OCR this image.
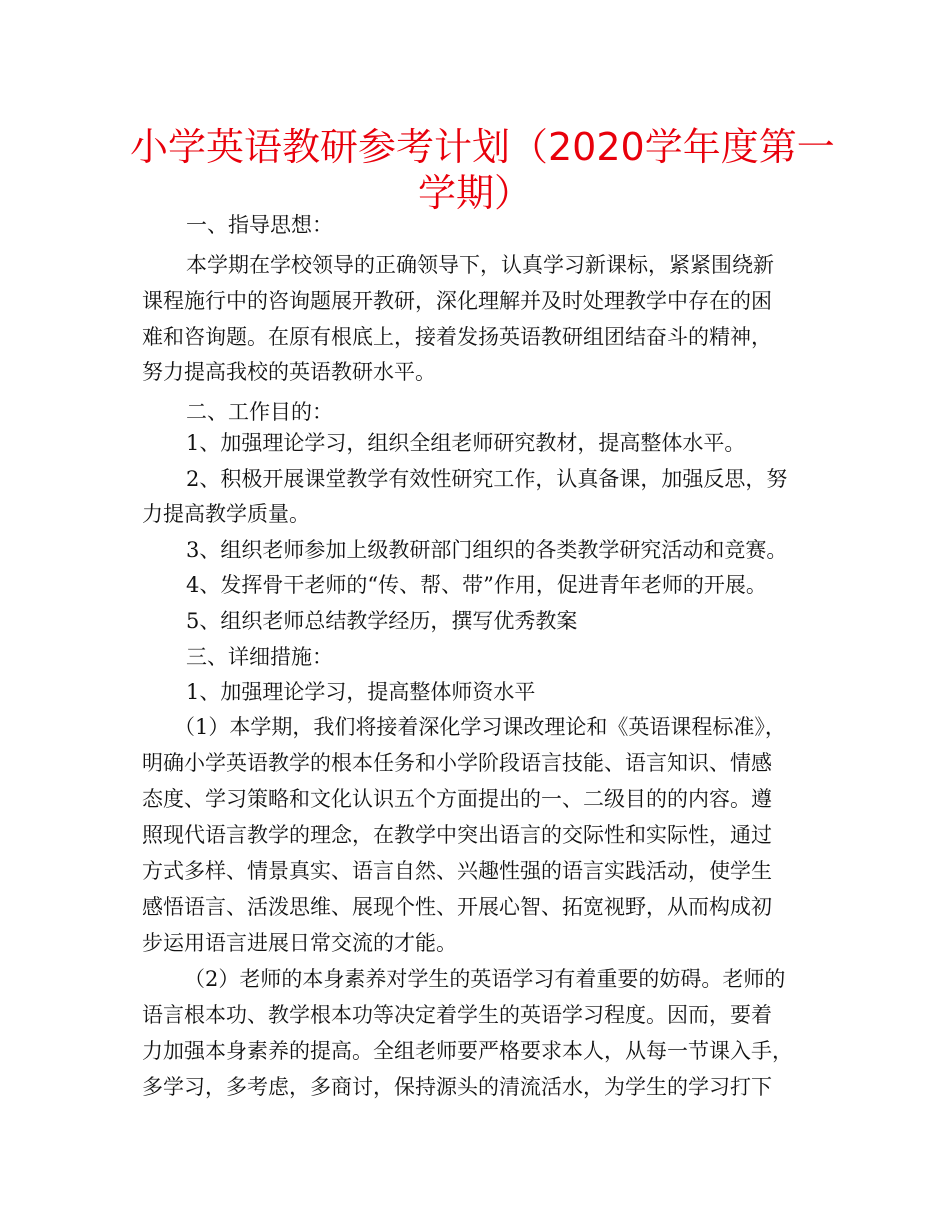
小学英语教研参考计划（2020学年度第一
学期）
一、指导思想：
本学期在学校领导的正确领导下，认真学习新课标，紧紧围绕新
课程施行中的咨询题展开教研，深化理解并及时处理教学中存在的困
难和咨询题。在原有根底上，接着发扬英语教研组团结奋斗的精神，
努力提高我校的英语教研水平。
二、工作目的：
1、加强理论学习，组织全组老师研究教材，提高整体水平。
2、积极开展课堂教学有效性研究工作，认真备课，加强反思，努
力提高教学质量。
3、组织老师参加上级教研部门组织的各类教学研究活动和竞赛。
4、发挥骨干老师的“传、帮、带”作用，促进青年老师的开展。
5、组织老师总结教学经历，撰写优秀教案
三、详细措施：
1、加强理论学习，提高整体师资水平
（1）本学期，我们将接着深化学习课改理论和《英语课程标准》，
明确小学英语教学的根本任务和小学阶段语言技能、语言知识、情感
态度、学习策略和文化认识五个方面提出的一、二级目的的内容。遵
照现代语言教学的理念，在教学中突出语言的交际性和实际性，通过
方式多样、情景真实、语言自然、兴趣性强的语言实践活动，使学生
感悟语言、活泼思维、展现个性、开展心智、拓宽视野，从而构成初
步运用语言进展日常交流的才能。
（2）老师的本身素养对学生的英语学习有着重要的妨碍。老师的
语言根本功、教学根本功等决定着学生的英语学习程度。因而，要着
力加强本身素养的提高。全组老师要严格要求本人，从每一节课入手，
多学习，多考虑，多商讨，保持源头的清流活水，为学生的学习打下
